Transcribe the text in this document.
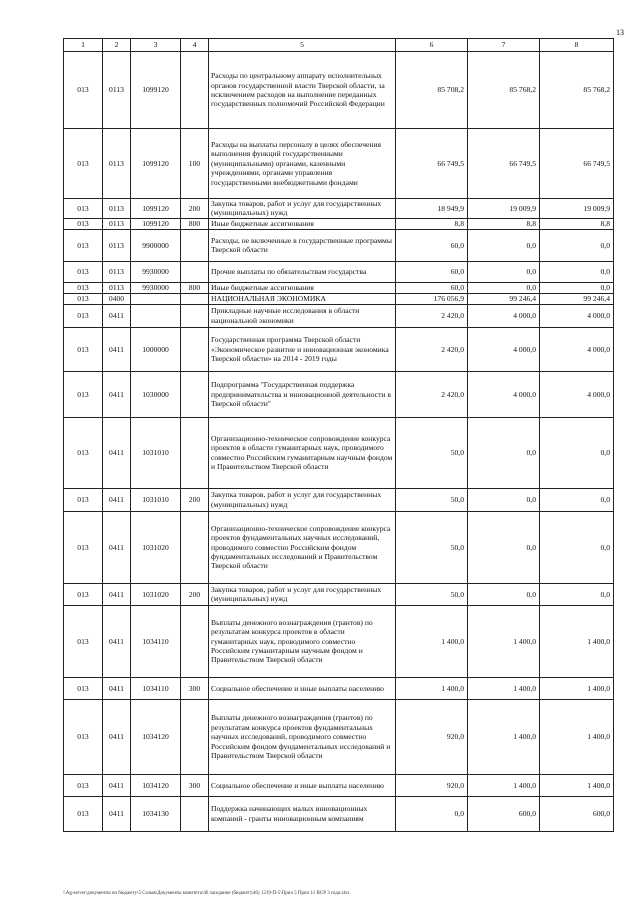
13
1	2	3	4	5	6	7	8
013	0113	1099120		Расходы по центральному аппарату исполнительных органов государственной власти Тверской области, за исключением расходов на выполнение переданных государственных полномочий Российской Федерации	85 708,2	85 768,2	85 768,2
013	0113	1099120	100	Расходы на выплаты персоналу в целях обеспечения выполнения функций государственными (муниципальными) органами, казенными учреждениями, органами управления государственными внебюджетными фондами	66 749,5	66 749,5	66 749,5
013	0113	1099120	200	Закупка товаров, работ и услуг для государственных (муниципальных) нужд	18 949,9	19 009,9	19 009,9
013	0113	1099120	800	Иные бюджетные ассигнования	8,8	8,8	8,8
013	0113	9900000		Расходы, не включенные в государственные программы Тверской области	60,0	0,0	0,0
013	0113	9930000		Прочие выплаты по обязательствам государства	60,0	0,0	0,0
013	0113	9930000	800	Иные бюджетные ассигнования	60,0	0,0	0,0
013	0400			НАЦИОНАЛЬНАЯ ЭКОНОМИКА	176 056,9	99 246,4	99 246,4
013	0411			Прикладные научные исследования в области национальной экономики	2 420,0	4 000,0	4 000,0
013	0411	1000000		Государственная программа Тверской области «Экономическое развитие и инновационная экономика Тверской области» на 2014 - 2019 годы	2 420,0	4 000,0	4 000,0
013	0411	1030000		Подпрограмма "Государственная поддержка предпринимательства и инновационной деятельности в Тверской области"	2 420,0	4 000,0	4 000,0
013	0411	1031010		Организационно-техническое сопровождение конкурса проектов в области гуманитарных наук, проводимого совместно Российским гуманитарным научным фондом и Правительством Тверской области	50,0	0,0	0,0
013	0411	1031010	200	Закупка товаров, работ и услуг для государственных (муниципальных) нужд	50,0	0,0	0,0
013	0411	1031020		Организационно-техническое сопровождение конкурса проектов фундаментальных научных исследований, проводимого совместно Российским фондом фундаментальных исследований и Правительством Тверской области	50,0	0,0	0,0
013	0411	1031020	200	Закупка товаров, работ и услуг для государственных (муниципальных) нужд	50,0	0,0	0,0
013	0411	1034110		Выплаты денежного вознаграждения (грантов) по результатам конкурса проектов в области гуманитарных наук, проводимого совместно Российским гуманитарным научным фондом и Правительством Тверской области	1 400,0	1 400,0	1 400,0
013	0411	1034110	300	Социальное обеспечение и иные выплаты населению	1 400,0	1 400,0	1 400,0
013	0411	1034120		Выплаты денежного вознаграждения (грантов) по результатам конкурса проектов фундаментальных научных исследований, проводимого совместно Российским фондом фундаментальных исследований и Правительством Тверской области	920,0	1 400,0	1 400,0
013	0411	1034120	300	Социальное обеспечение и иные выплаты населению	920,0	1 400,0	1 400,0
013	0411	1034130		Поддержка начинающих малых инновационных компаний - гранты инновационным компаниям	0,0	600,0	600,0
\\Ag-server\документы по бюджету\5 Созыв\Документы комитета\46 заседание (бюджет)\46) 1219-П-5\Прил 5 Прил 11 ВСР 3 года.xlsx
